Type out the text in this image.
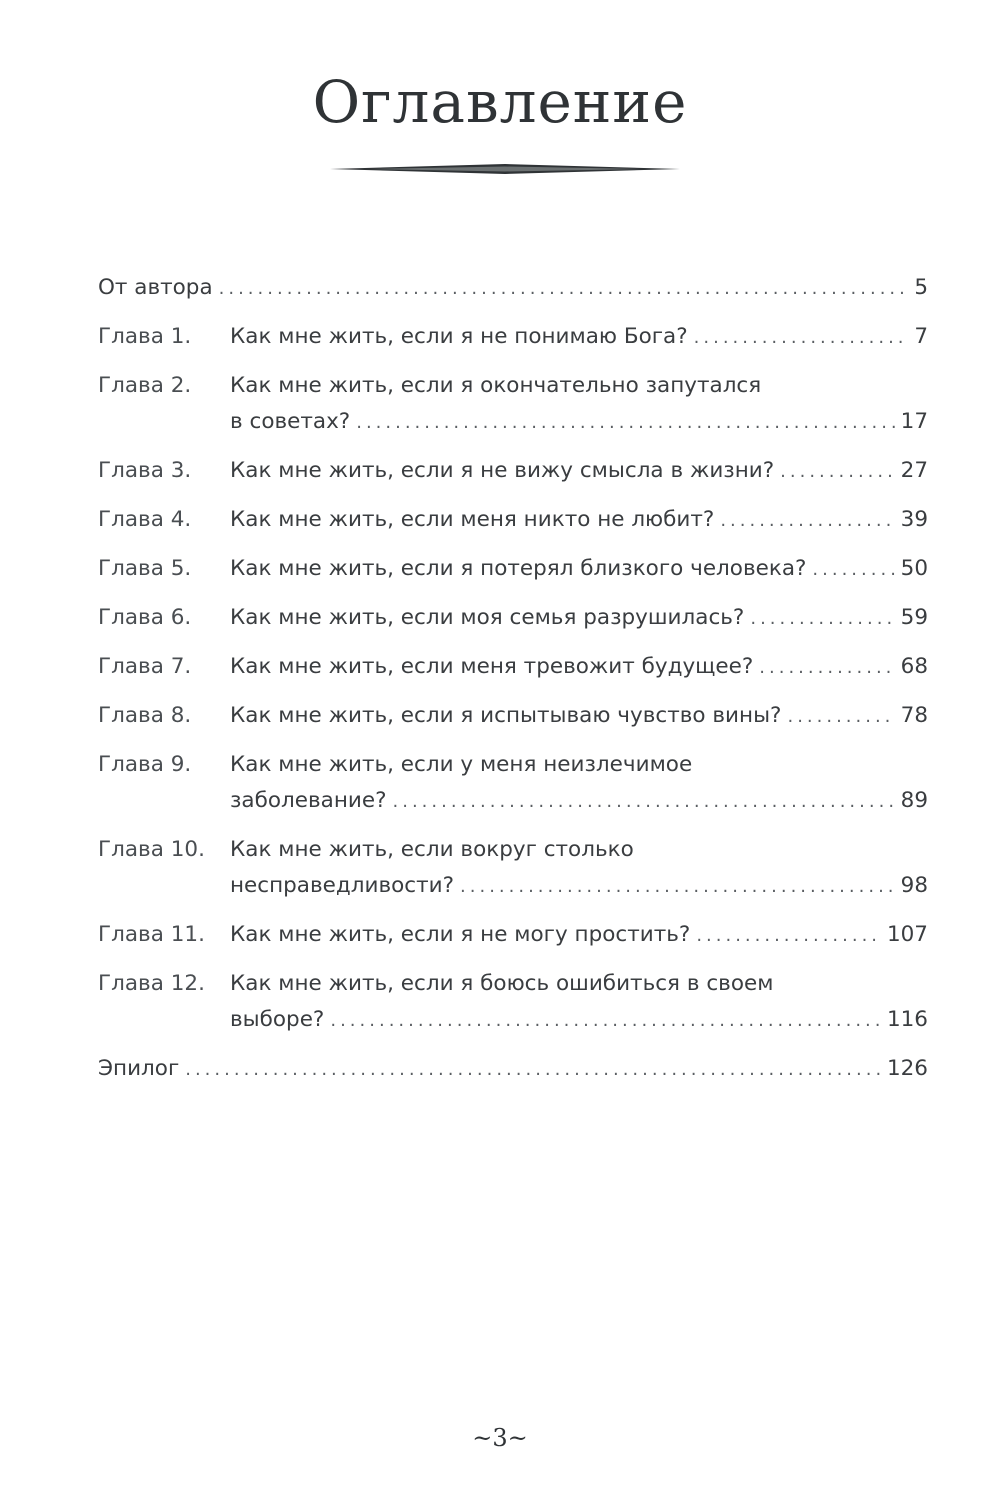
Оглавление
От автора .....	5
Глава 1.	Как мне жить, если я не понимаю Бога? .....	7
Глава 2.	Как мне жить, если я окончательно запутался
в советах? .....	17
Глава 3.	Как мне жить, если я не вижу смысла в жизни? .....	27
Глава 4.	Как мне жить, если меня никто не любит? .....	39
Глава 5.	Как мне жить, если я потерял близкого человека? .....	50
Глава 6.	Как мне жить, если моя семья разрушилась? .....	59
Глава 7.	Как мне жить, если меня тревожит будущее? .....	68
Глава 8.	Как мне жить, если я испытываю чувство вины? .....	78
Глава 9.	Как мне жить, если у меня неизлечимое
заболевание? .....	89
Глава 10.	Как мне жить, если вокруг столько
несправедливости? .....	98
Глава 11.	Как мне жить, если я не могу простить? .....	107
Глава 12.	Как мне жить, если я боюсь ошибиться в своем
выборе? .....	116
Эпилог .....	126
~3~
